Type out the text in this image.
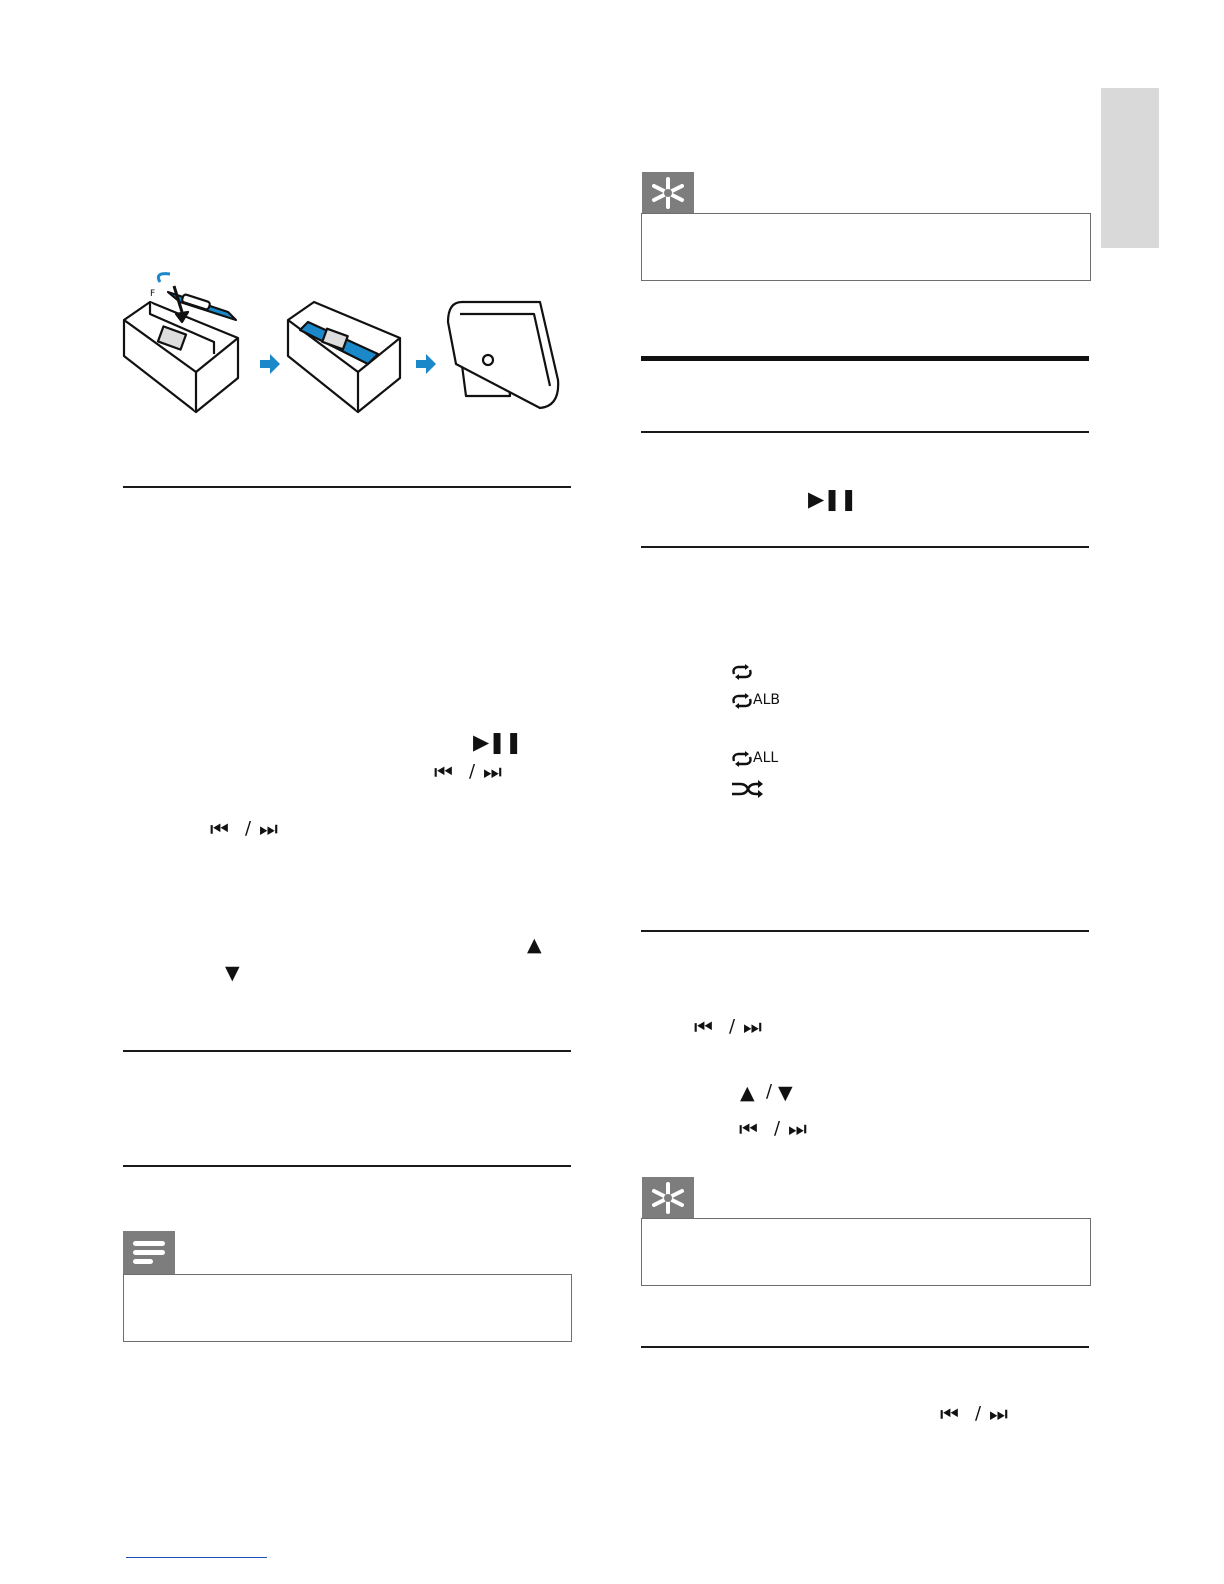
F
▶❚❚
⏮ / ⏭
⏮ / ⏭
▲
▼
▶❚❚
ALB
ALL
⏮ / ⏭
▲ / ▼
⏮ / ⏭
⏮ / ⏭
